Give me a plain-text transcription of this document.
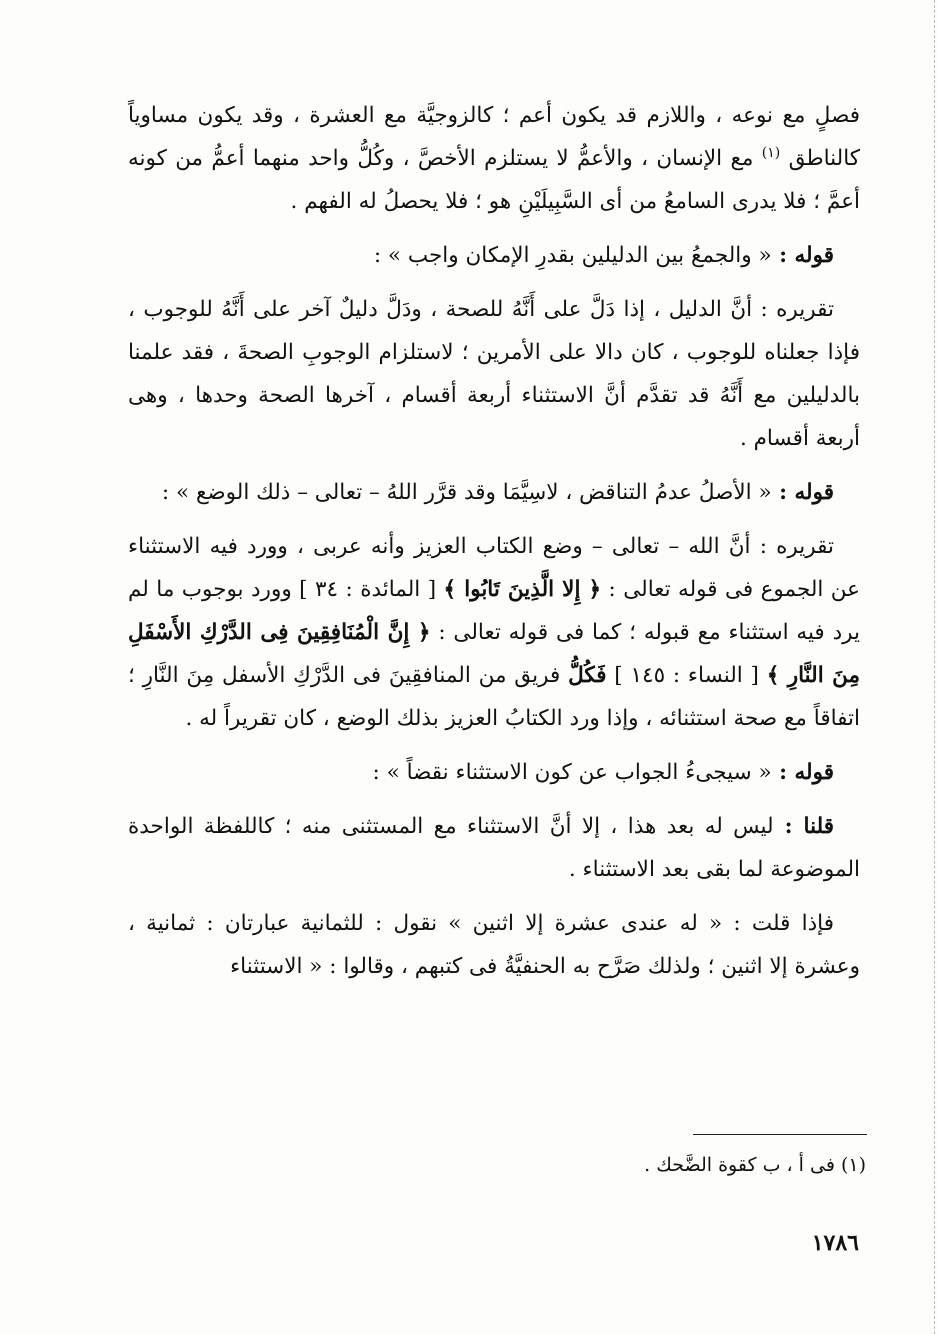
فصلٍ مع نوعه ، واللازم قد يكون أعم ؛ كالزوجيَّة مع العشرة ، وقد يكون مساوياً كالناطق $^{(١)}$ مع الإنسان ، والأعمُّ لا يستلزم الأخصَّ ، وكُلُّ واحد منهما أعمُّ من كونه أعمَّ ؛ فلا يدرى السامعُ من أى السَّبِيلَيْنِ هو ؛ فلا يحصلُ له الفهم .

قوله : « والجمعُ بين الدليلين بقدرِ الإمكان واجب » :

تقريره : أنَّ الدليل ، إذا دَلَّ على أَنَّهُ للصحة ، ودَلَّ دليلٌ آخر على أَنَّهُ للوجوب ، فإذا جعلناه للوجوب ، كان دالا على الأمرين ؛ لاستلزام الوجوبِ الصحةَ ، فقد علمنا بالدليلين مع أَنَّهُ قد تقدَّم أنَّ الاستثناء أربعة أقسام ، آخرها الصحة وحدها ، وهى أربعة أقسام .

قوله : « الأصلُ عدمُ التناقض ، لاسِيَّمَا وقد قرَّر اللهُ – تعالى – ذلك الوضع » :

تقريره : أنَّ الله – تعالى – وضع الكتاب العزيز وأنه عربى ، وورد فيه الاستثناء عن الجموع فى قوله تعالى : ﴿ إِلا الَّذِينَ تَابُوا ﴾ [ المائدة : ٣٤ ] وورد بوجوب ما لم يرد فيه استثناء مع قبوله ؛ كما فى قوله تعالى : ﴿ إِنَّ الْمُنَافِقِينَ فِى الدَّرْكِ الأَسْفَلِ مِنَ النَّارِ ﴾ [ النساء : ١٤٥ ] فَكُلُّ فريق من المنافقِينَ فى الدَّرْكِ الأسفل مِنَ النَّارِ ؛ اتفاقاً مع صحة استثنائه ، وإذا ورد الكتابُ العزيز بذلك الوضع ، كان تقريراً له .

قوله : « سيجىءُ الجواب عن كون الاستثناء نقضاً » :

قلنا : ليس له بعد هذا ، إلا أنَّ الاستثناء مع المستثنى منه ؛ كاللفظة الواحدة الموضوعة لما بقى بعد الاستثناء .

فإذا قلت : « له عندى عشرة إلا اثنين » نقول : للثمانية عبارتان : ثمانية ، وعشرة إلا اثنين ؛ ولذلك صَرَّح به الحنفيَّةُ فى كتبهم ، وقالوا : « الاستثناء

(١) فى أ ، ب كقوة الضَّحك .
١٧٨٦
